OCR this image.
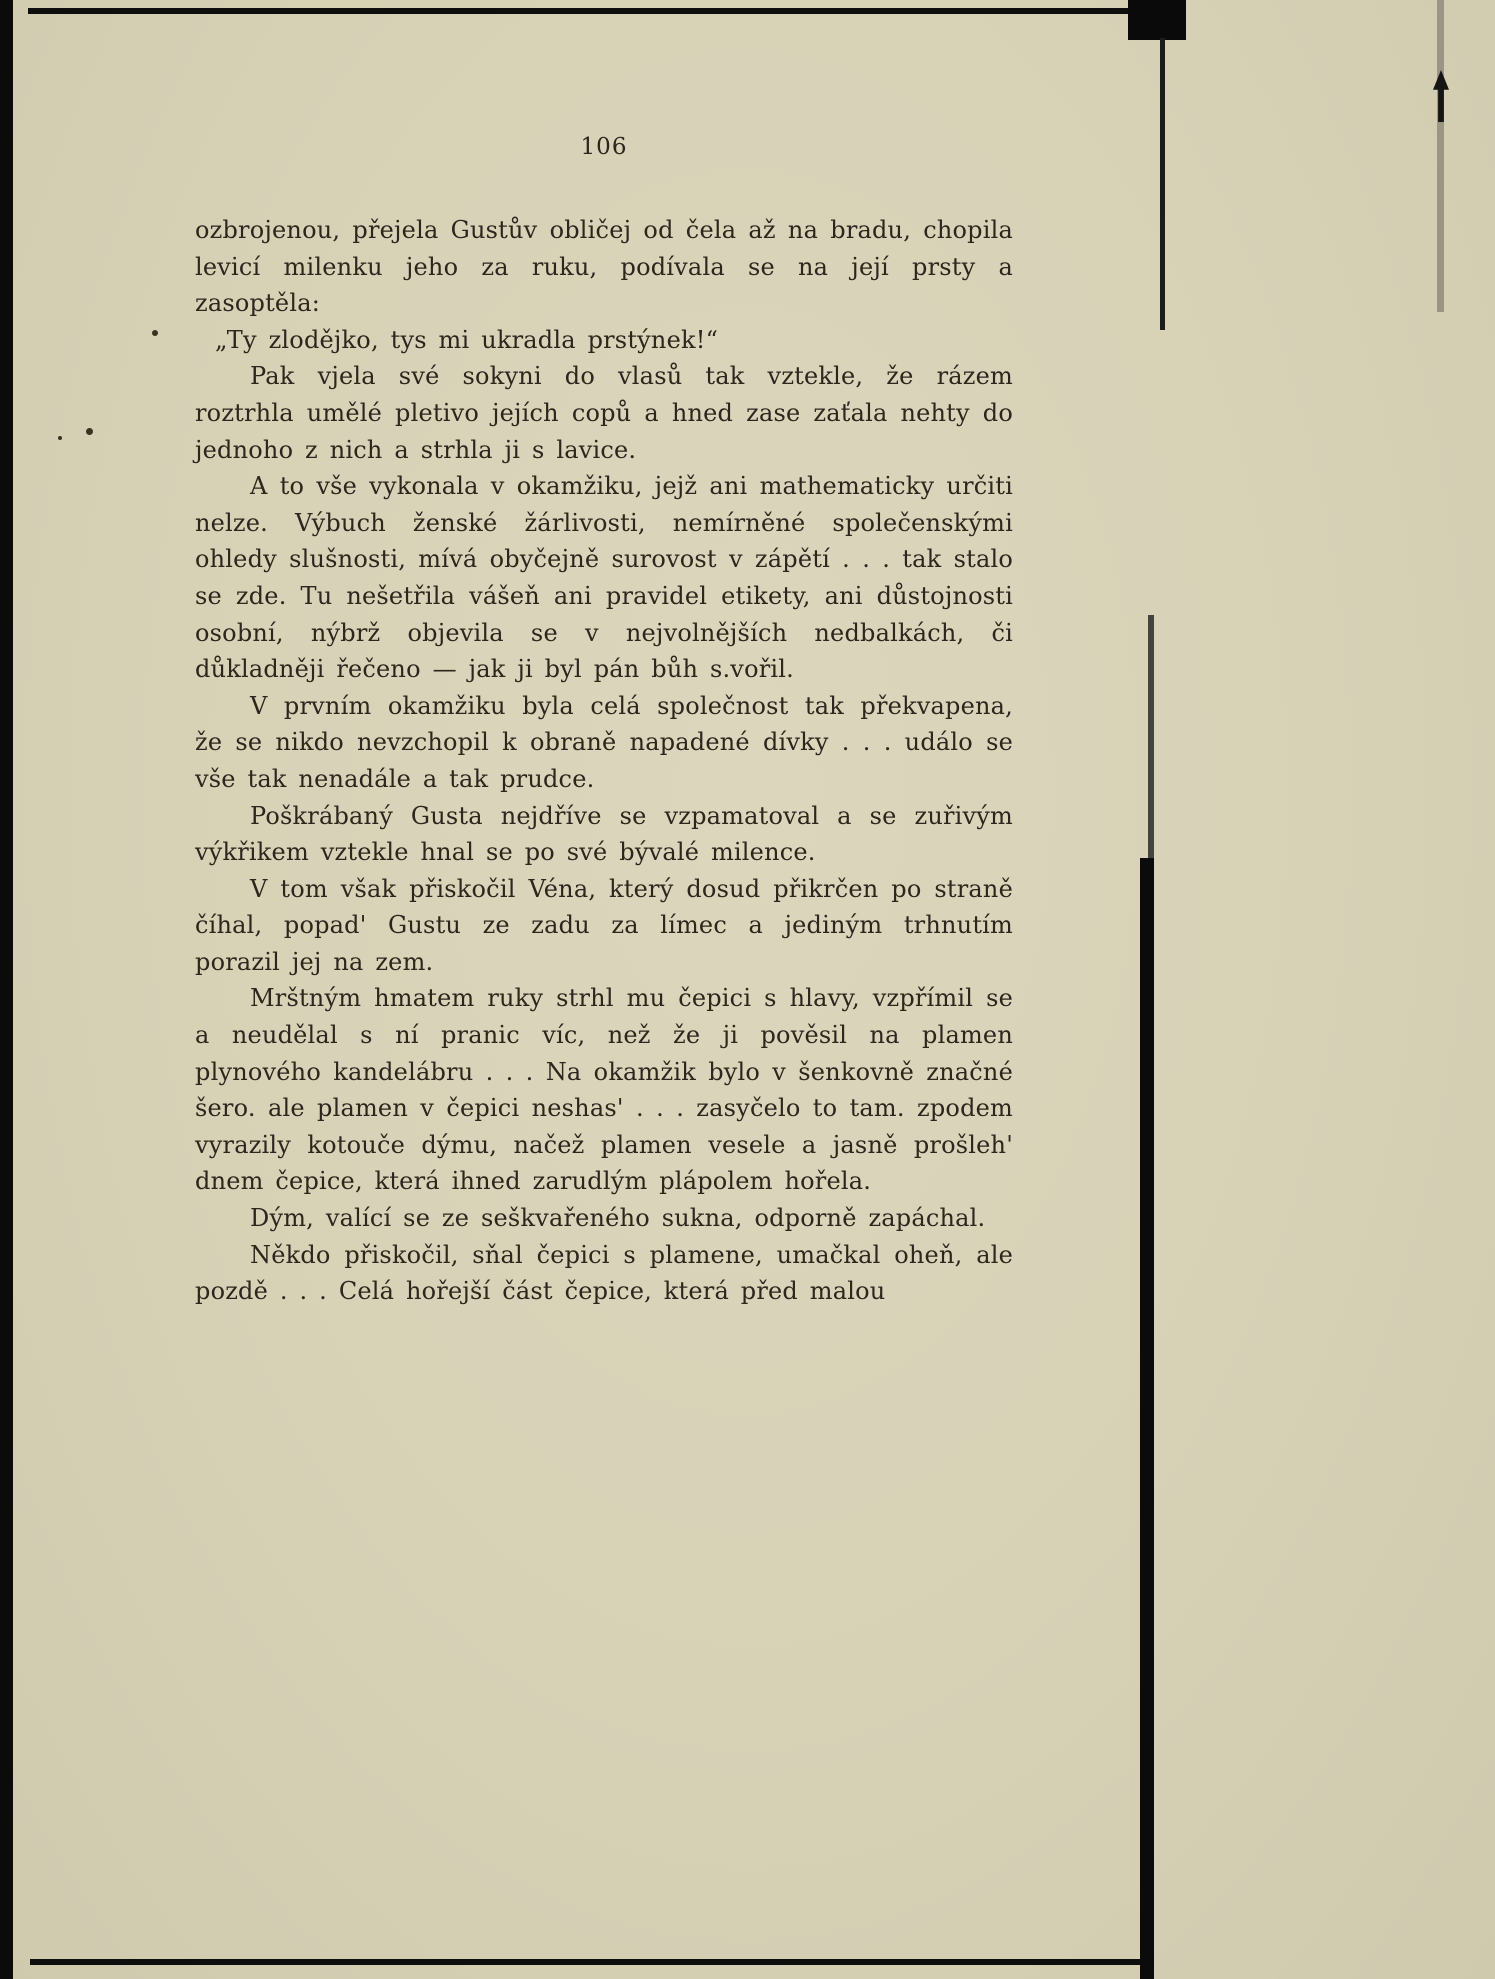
106

ozbrojenou, přejela Gustův obličej od čela až na bradu, chopila levicí milenku jeho za ruku, podívala se na její prsty a zasoptěla:

„Ty zlodějko, tys mi ukradla prstýnek!“

Pak vjela své sokyni do vlasů tak vztekle, že rázem roztrhla umělé pletivo jejích copů a hned zase zaťala nehty do jednoho z nich a strhla ji s lavice.

A to vše vykonala v okamžiku, jejž ani mathematicky určiti nelze. Výbuch ženské žárlivosti, nemírněné společenskými ohledy slušnosti, mívá obyčejně surovost v zápětí . . . tak stalo se zde. Tu nešetřila vášeň ani pravidel etikety, ani důstojnosti osobní, nýbrž objevila se v nejvolnějších nedbalkách, či důkladněji řečeno — jak ji byl pán bůh s.vořil.

V prvním okamžiku byla celá společnost tak překvapena, že se nikdo nevzchopil k obraně napadené dívky . . . událo se vše tak nenadále a tak prudce.

Poškrábaný Gusta nejdříve se vzpamatoval a se zuřivým výkřikem vztekle hnal se po své bývalé milence.

V tom však přiskočil Véna, který dosud přikrčen po straně číhal, popad' Gustu ze zadu za límec a jediným trhnutím porazil jej na zem.

Mrštným hmatem ruky strhl mu čepici s hlavy, vzpřímil se a neudělal s ní pranic víc, než že ji pověsil na plamen plynového kandelábru . . . Na okamžik bylo v šenkovně značné šero. ale plamen v čepici neshas' . . . zasyčelo to tam. zpodem vyrazily kotouče dýmu, načež plamen vesele a jasně prošleh' dnem čepice, která ihned zarudlým plápolem hořela.

Dým, valící se ze seškvařeného sukna, odporně zapáchal.

Někdo přiskočil, sňal čepici s plamene, umačkal oheň, ale pozdě . . . Celá hořejší část čepice, která před malou
